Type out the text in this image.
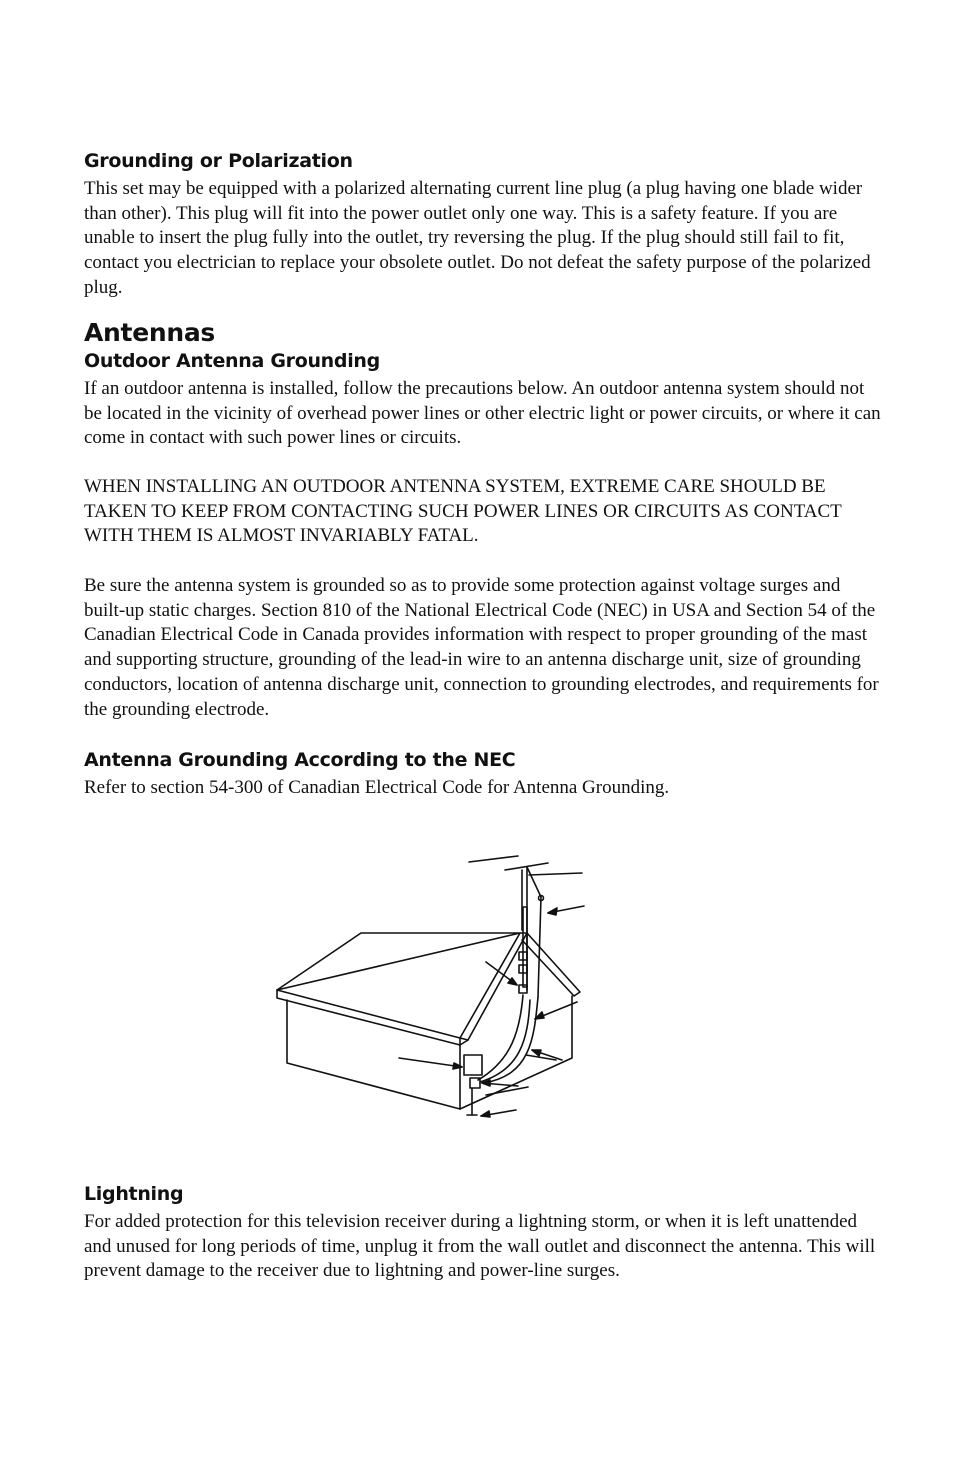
Grounding or Polarization

This set may be equipped with a polarized alternating current line plug (a plug having one blade wider than other). This plug will fit into the power outlet only one way. This is a safety feature. If you are unable to insert the plug fully into the outlet, try reversing the plug. If the plug should still fail to fit, contact you electrician to replace your obsolete outlet. Do not defeat the safety purpose of the polarized plug.

Antennas
Outdoor Antenna Grounding

If an outdoor antenna is installed, follow the precautions below. An outdoor antenna system should not be located in the vicinity of overhead power lines or other electric light or power circuits, or where it can come in contact with such power lines or circuits.

WHEN INSTALLING AN OUTDOOR ANTENNA SYSTEM, EXTREME CARE SHOULD BE TAKEN TO KEEP FROM CONTACTING SUCH POWER LINES OR CIRCUITS AS CONTACT WITH THEM IS ALMOST INVARIABLY FATAL.

Be sure the antenna system is grounded so as to provide some protection against voltage surges and built-up static charges. Section 810 of the National Electrical Code (NEC) in USA and Section 54 of the Canadian Electrical Code in Canada provides information with respect to proper grounding of the mast and supporting structure, grounding of the lead-in wire to an antenna discharge unit, size of grounding conductors, location of antenna discharge unit, connection to grounding electrodes, and requirements for the grounding electrode.

Antenna Grounding According to the NEC

Refer to section 54-300 of Canadian Electrical Code for Antenna Grounding.

Lightning

For added protection for this television receiver during a lightning storm, or when it is left unattended and unused for long periods of time, unplug it from the wall outlet and disconnect the antenna. This will prevent damage to the receiver due to lightning and power-line surges.
